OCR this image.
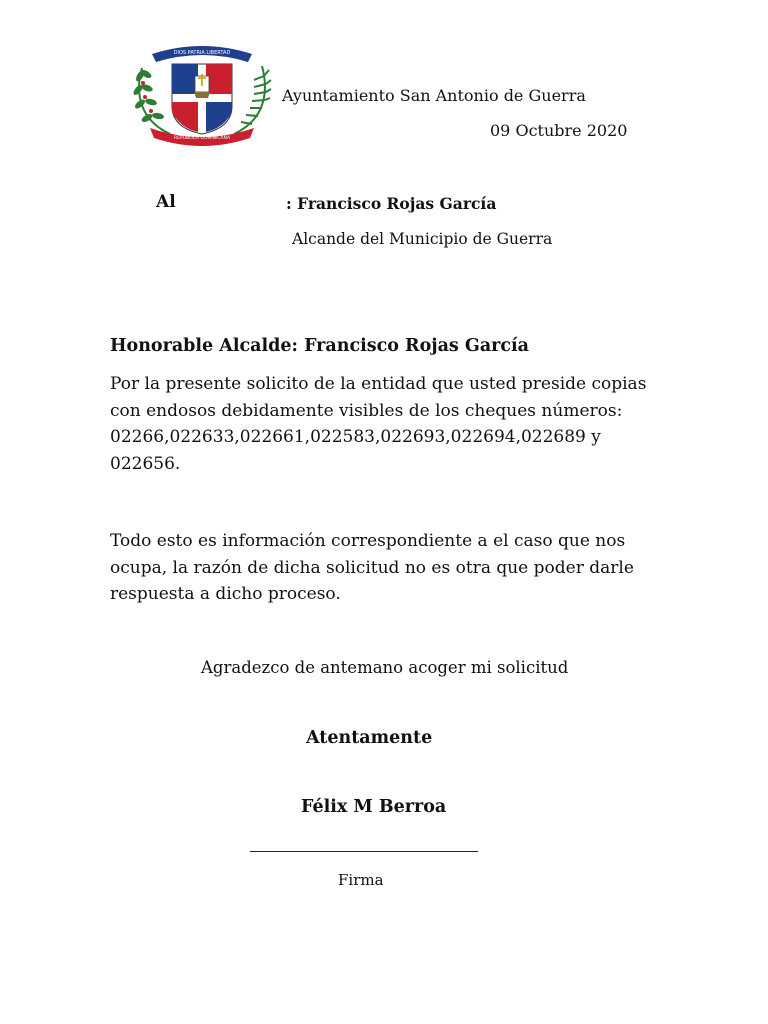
DIOS PATRIA LIBERTAD
REPUBLICA DOMINICANA
Ayuntamiento San Antonio de Guerra
09 Octubre 2020
Al	: Francisco Rojas García
Alcande del Municipio de Guerra
Honorable Alcalde: Francisco Rojas García
Por la presente solicito de la entidad que usted preside copias con endosos debidamente visibles de los cheques números: 02266,022633,022661,022583,022693,022694,022689 y 022656.
Todo esto es información correspondiente a el caso que nos ocupa, la razón de dicha solicitud no es otra que poder darle respuesta a dicho proceso.
Agradezco de antemano acoger mi solicitud
Atentamente
Félix M Berroa
Firma
